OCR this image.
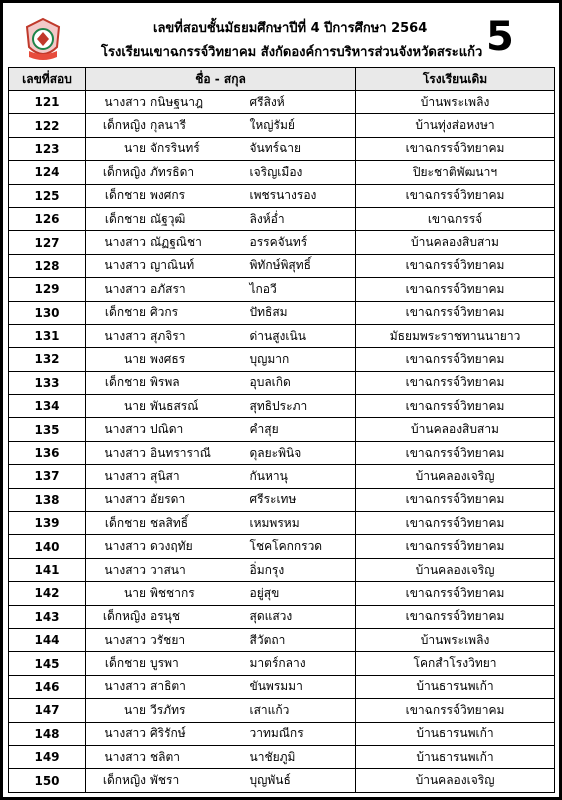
เลขที่สอบชั้นมัธยมศึกษาปีที่ 4 ปีการศึกษา 2564
โรงเรียนเขาฉกรรจ์วิทยาคม สังกัดองค์การบริหารส่วนจังหวัดสระแก้ว 5
เลขที่สอบ	ชื่อ - สกุล		โรงเรียนเดิม
121	นางสาว กนิษฐนาฎ	ศรีสิงห์	บ้านพระเพลิง
122	เด็กหญิง กุลนารี	ใหญ่รัมย์	บ้านทุ่งส่อหงษา
123	นาย จักรรินทร์	จันทร์ฉาย	เขาฉกรรจ์วิทยาคม
124	เด็กหญิง ภัทรธิดา	เจริญเมือง	ปิยะชาติพัฒนาฯ
125	เด็กชาย พงศกร	เพชรนางรอง	เขาฉกรรจ์วิทยาคม
126	เด็กชาย ณัฐวุฒิ	ลิงห์อ่ำ	เขาฉกรรจ์
127	นางสาว ณัฏฐณิชา	อรรคจันทร์	บ้านคลองสิบสาม
128	นางสาว ญาณินท์	พิทักษ์พิสุทธิ์	เขาฉกรรจ์วิทยาคม
129	นางสาว อภัสรา	ไกอวี	เขาฉกรรจ์วิทยาคม
130	เด็กชาย ศิวกร	ปัทธิสม	เขาฉกรรจ์วิทยาคม
131	นางสาว สุภจิรา	ด่านสูงเนิน	มัธยมพระราชทานนายาว
132	นาย พงศธร	บุญมาก	เขาฉกรรจ์วิทยาคม
133	เด็กชาย พิรพล	อุบลเกิด	เขาฉกรรจ์วิทยาคม
134	นาย พันธสรณ์	สุทธิประภา	เขาฉกรรจ์วิทยาคม
135	นางสาว ปณิดา	คำสุย	บ้านคลองสิบสาม
136	นางสาว อินทราราณี	ดุลยะพินิจ	เขาฉกรรจ์วิทยาคม
137	นางสาว สุนิสา	กันหานุ	บ้านคลองเจริญ
138	นางสาว อัยรดา	ศรีระเทษ	เขาฉกรรจ์วิทยาคม
139	เด็กชาย ชลสิทธิ์	เหมพรหม	เขาฉกรรจ์วิทยาคม
140	นางสาว ดวงฤทัย	โชคโคกกรวด	เขาฉกรรจ์วิทยาคม
141	นางสาว วาสนา	อิ่มกรุง	บ้านคลองเจริญ
142	นาย พิชชากร	อยู่สุข	เขาฉกรรจ์วิทยาคม
143	เด็กหญิง อรนุช	สุดแสวง	เขาฉกรรจ์วิทยาคม
144	นางสาว วรัชยา	สีวัตถา	บ้านพระเพลิง
145	เด็กชาย บูรพา	มาตร์กลาง	โคกสำโรงวิทยา
146	นางสาว สาธิตา	ขันพรมมา	บ้านธารนพเก้า
147	นาย วีรภัทร	เสาแก้ว	เขาฉกรรจ์วิทยาคม
148	นางสาว ศิริรักษ์	วาทมณีกร	บ้านธารนพเก้า
149	นางสาว ชลิตา	นาชัยภูมิ	บ้านธารนพเก้า
150	เด็กหญิง พัชรา	บุญพันธ์	บ้านคลองเจริญ
